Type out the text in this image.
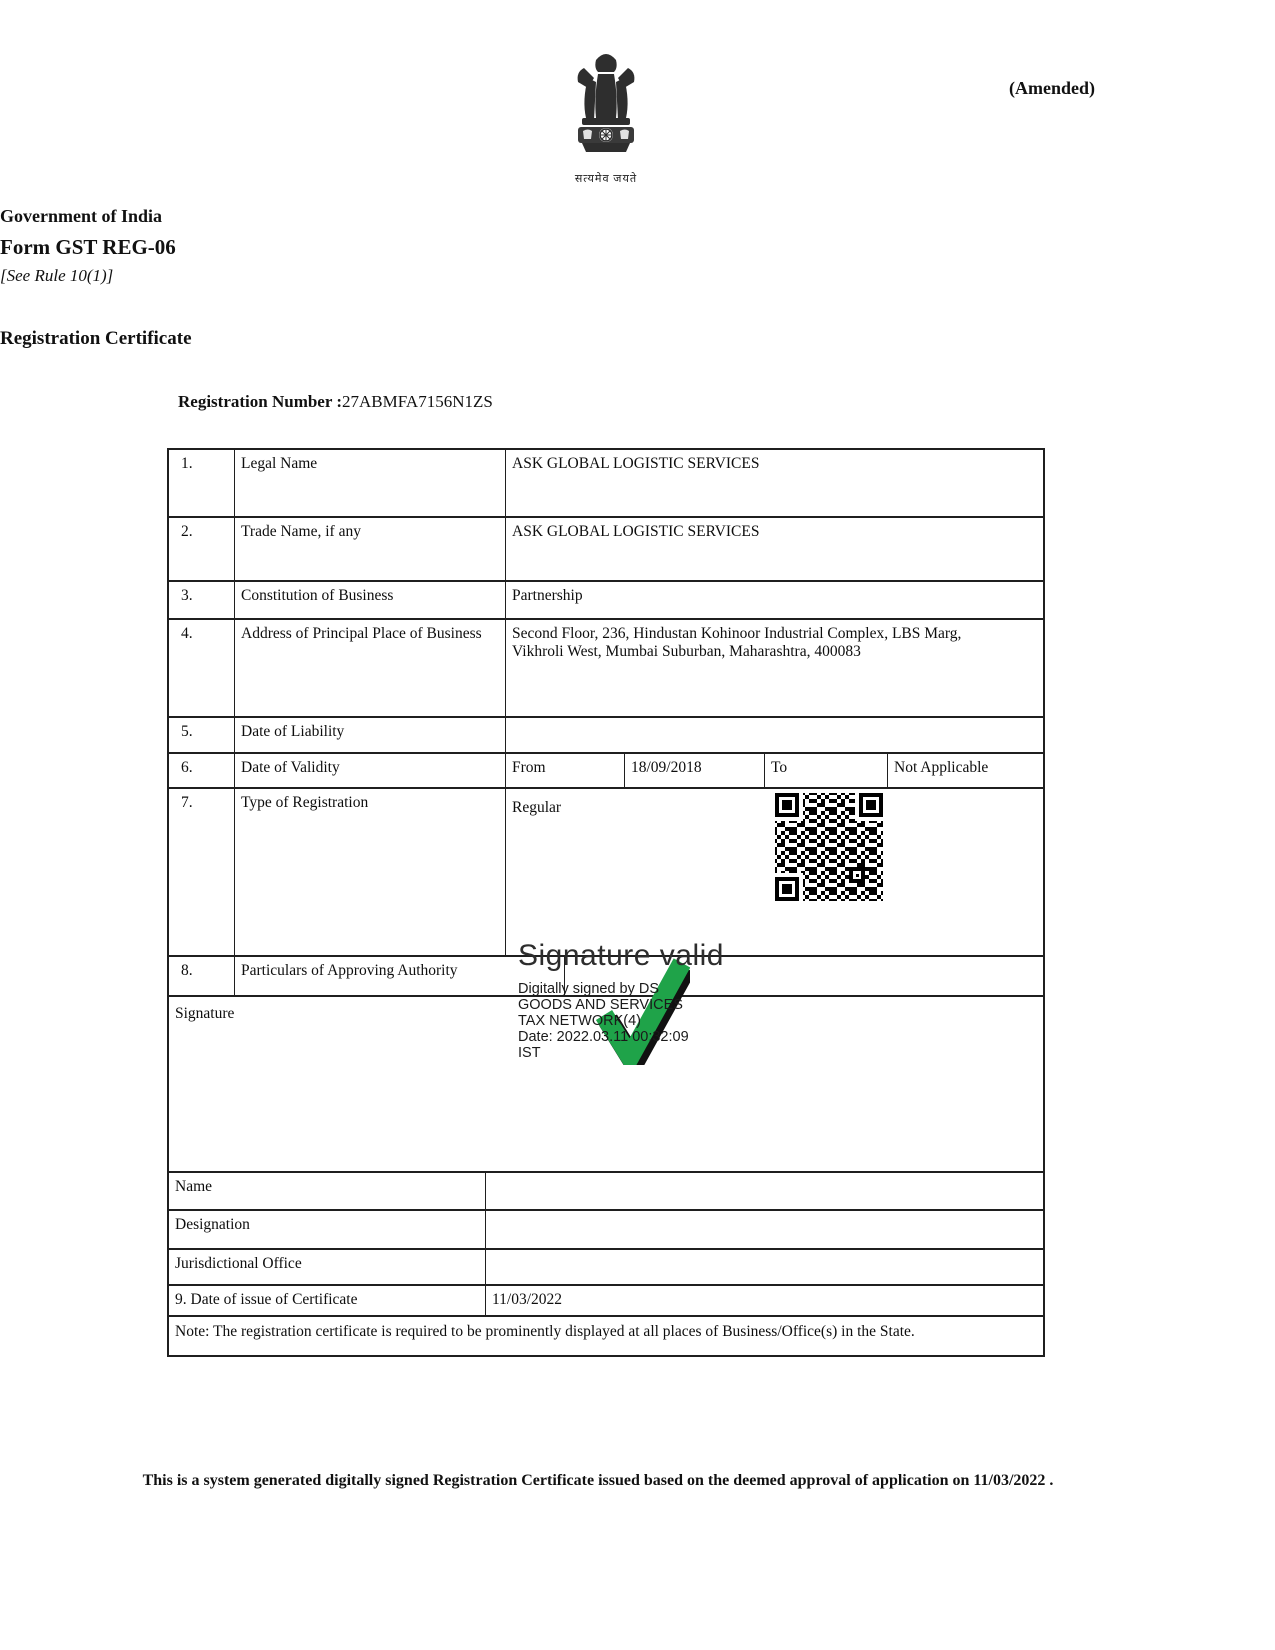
सत्यमेव जयते
(Amended)
Government of India
Form GST REG-06
[See Rule 10(1)]
Registration Certificate
Registration Number :27ABMFA7156N1ZS
1.	Legal Name	ASK GLOBAL LOGISTIC SERVICES
2.	Trade Name, if any	ASK GLOBAL LOGISTIC SERVICES
3.	Constitution of Business	Partnership
4.	Address of Principal Place of Business	Second Floor, 236, Hindustan Kohinoor Industrial Complex, LBS Marg, Vikhroli West, Mumbai Suburban, Maharashtra, 400083
5.	Date of Liability
6.	Date of Validity	From	18/09/2018	To	Not Applicable
7.	Type of Registration	Regular
8.	Particulars of Approving Authority
Signature
Signature valid
Digitally signed by DS
GOODS AND SERVICES
TAX NETWORK(4)
Date: 2022.03.11 00:32:09
IST
Name
Designation
Jurisdictional Office
9. Date of issue of Certificate	11/03/2022
Note: The registration certificate is required to be prominently displayed at all places of Business/Office(s) in the State.
This is a system generated digitally signed Registration Certificate issued based on the deemed approval of application on 11/03/2022 .
